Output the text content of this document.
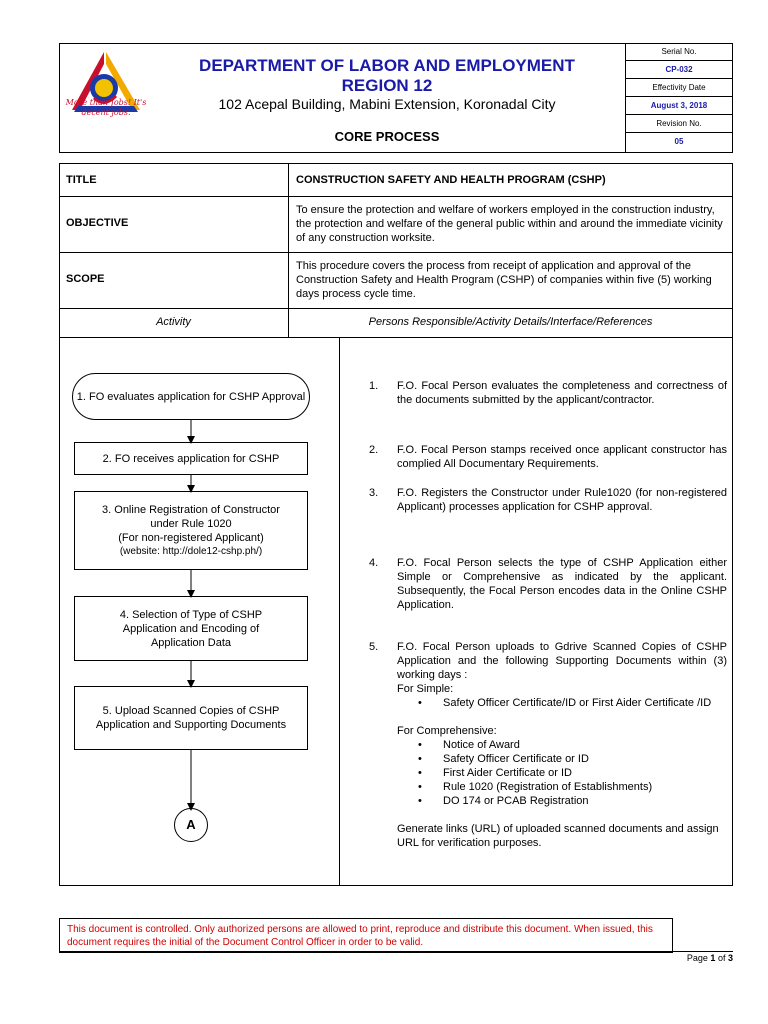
More than Jobs! It's decent jobs.
DEPARTMENT OF LABOR AND EMPLOYMENT
REGION 12
102 Acepal Building, Mabini Extension, Koronadal City
CORE PROCESS
Serial No.
CP-032
Effectivity Date
August 3, 2018
Revision No.
05
TITLE	CONSTRUCTION SAFETY AND HEALTH PROGRAM (CSHP)
OBJECTIVE
To ensure the protection and welfare of workers employed in the construction industry, the protection and welfare of the general public within and around the immediate vicinity of any construction worksite.
SCOPE
This procedure covers the process from receipt of application and approval of the Construction Safety and Health Program (CSHP) of companies within five (5) working days process cycle time.
Activity	Persons Responsible/Activity Details/Interface/References
1. FO evaluates application for CSHP Approval
2. FO receives application for CSHP
3. Online Registration of Constructor under Rule 1020
(For non-registered Applicant)
(website: http://dole12-cshp.ph/)
4. Selection of Type of CSHP Application and Encoding of Application Data
5. Upload Scanned Copies of CSHP Application and Supporting Documents
A
1. F.O. Focal Person evaluates the completeness and correctness of the documents submitted by the applicant/contractor.
2. F.O. Focal Person stamps received once applicant constructor has complied All Documentary Requirements.
3. F.O. Registers the Constructor under Rule1020 (for non-registered Applicant) processes application for CSHP approval.
4. F.O. Focal Person selects the type of CSHP Application either Simple or Comprehensive as indicated by the applicant. Subsequently, the Focal Person encodes data in the Online CSHP Application.
5. F.O. Focal Person uploads to Gdrive Scanned Copies of CSHP Application and the following Supporting Documents within (3) working days :
For Simple:
• Safety Officer Certificate/ID or First Aider Certificate /ID
For Comprehensive:
• Notice of Award
• Safety Officer Certificate or ID
• First Aider Certificate or ID
• Rule 1020 (Registration of Establishments)
• DO 174 or PCAB Registration
Generate links (URL) of uploaded scanned documents and assign URL for verification purposes.
This document is controlled. Only authorized persons are allowed to print, reproduce and distribute this document. When issued, this document requires the initial of the Document Control Officer in order to be valid.
Page 1 of 3
